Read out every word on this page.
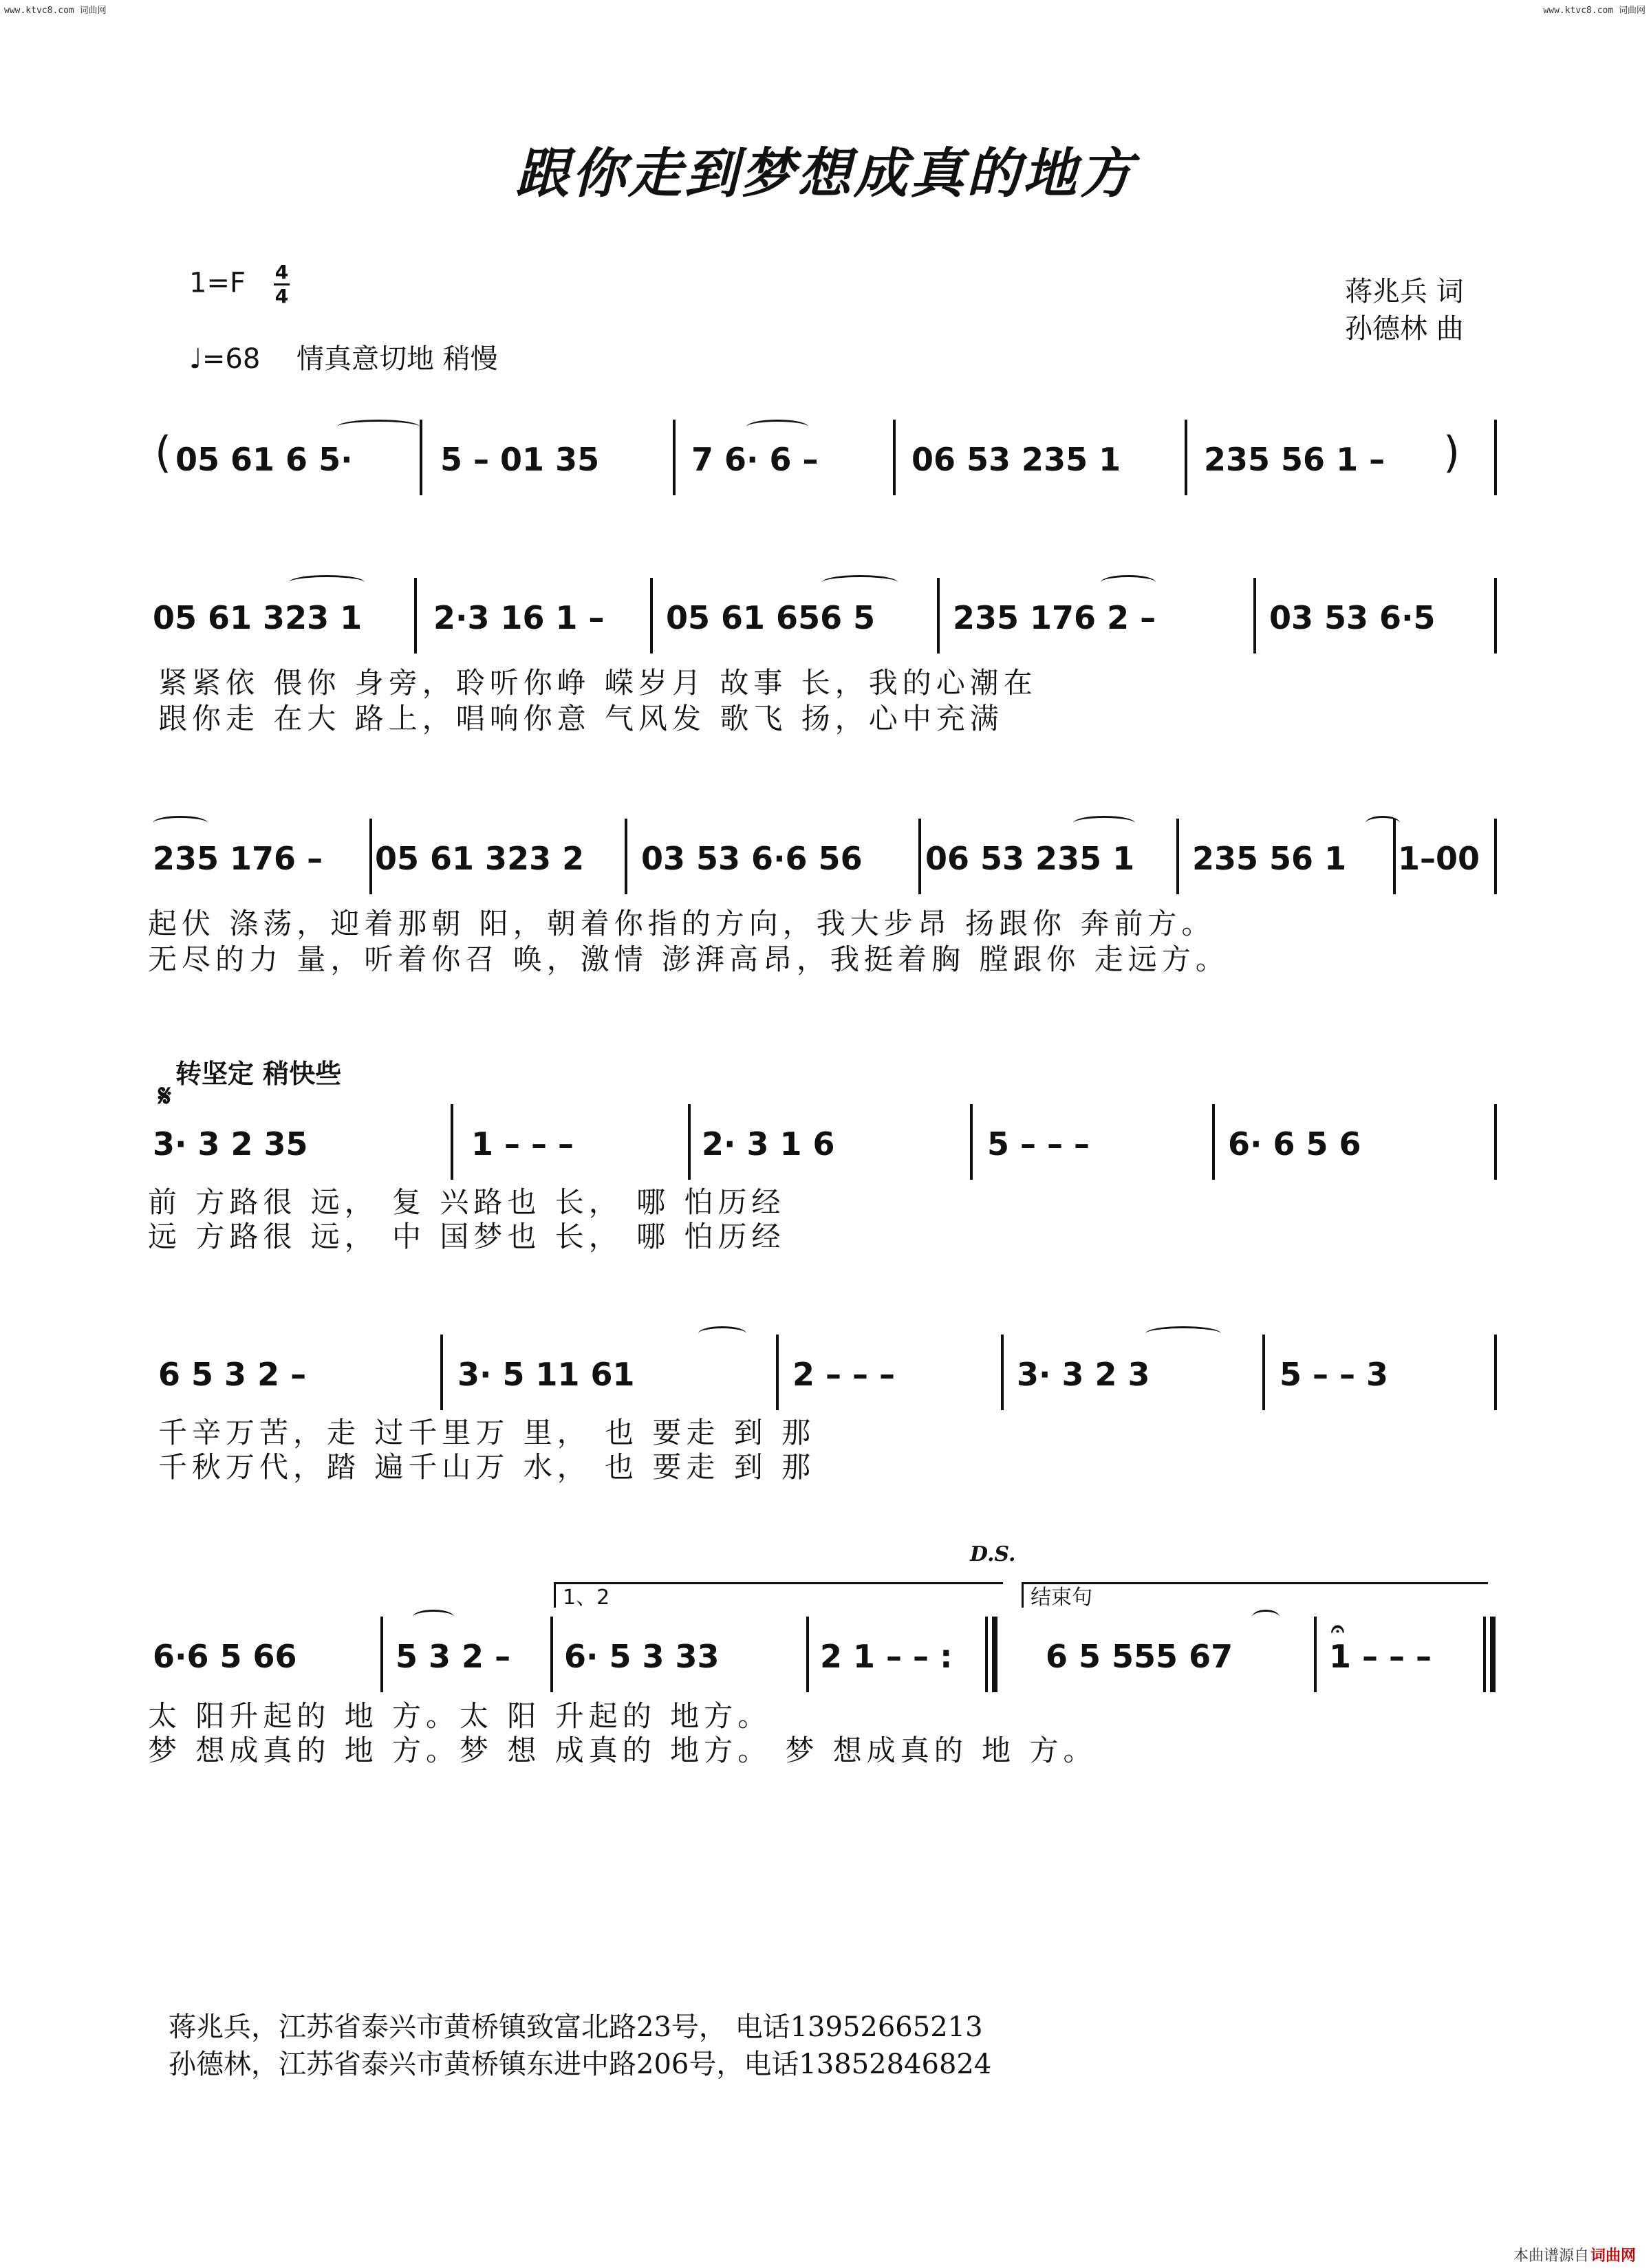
www.ktvc8.com 词曲网	www.ktvc8.com 词曲网
跟你走到梦想成真的地方
$1=F \frac{4}{4}$
♩=68 情真意切地 稍慢
蒋兆兵 词
孙德林 曲
( 05 61 6 5·	5 – 01 35	7 6· 6 –	06 53 235 1	235 56 1 –	)
05 61 323 1	2·3 16 1 –	05 61 656 5	235 176 2 –	03 53 6·5
紧紧依 偎你 身旁，聆听你峥 嵘岁月 故事 长，我的心潮在
跟你走 在大 路上，唱响你意 气风发 歌飞 扬，心中充满
235 176 –	05 61 323 2	03 53 6·6 56	06 53 235 1	235 56 1	1–00
起伏 涤荡，迎着那朝 阳，朝着你指的方向，我大步昂 扬跟你 奔前方。
无尽的力 量，听着你召 唤，激情 澎湃高昂，我挺着胸 膛跟你 走远方。
转坚定 稍快些
𝄋
3· 3 2 35	1 – – –	2· 3 1 6	5 – – –	6· 6 5 6
前 方路很 远， 复 兴路也 长， 哪 怕历经
远 方路很 远， 中 国梦也 长， 哪 怕历经
6 5 3 2 –	3· 5 11 61	2 – – –	3· 3 2 3	5 – – 3
千辛万苦，走 过千里万 里， 也 要走 到 那
千秋万代，踏 遍千山万 水， 也 要走 到 那
D.S.
1、2	结束句
6·6 5 66	5 3 2 –	6· 5 3 33	2 1 – – :	6 5 555 67	1 – – –
𝄐
太 阳升起的 地 方。太 阳 升起的 地方。
梦 想成真的 地 方。梦 想 成真的 地方。 梦 想成真的 地 方。
蒋兆兵，江苏省泰兴市黄桥镇致富北路23号， 电话13952665213
孙德林，江苏省泰兴市黄桥镇东进中路206号，电话13852846824
本曲谱源自 词曲网
